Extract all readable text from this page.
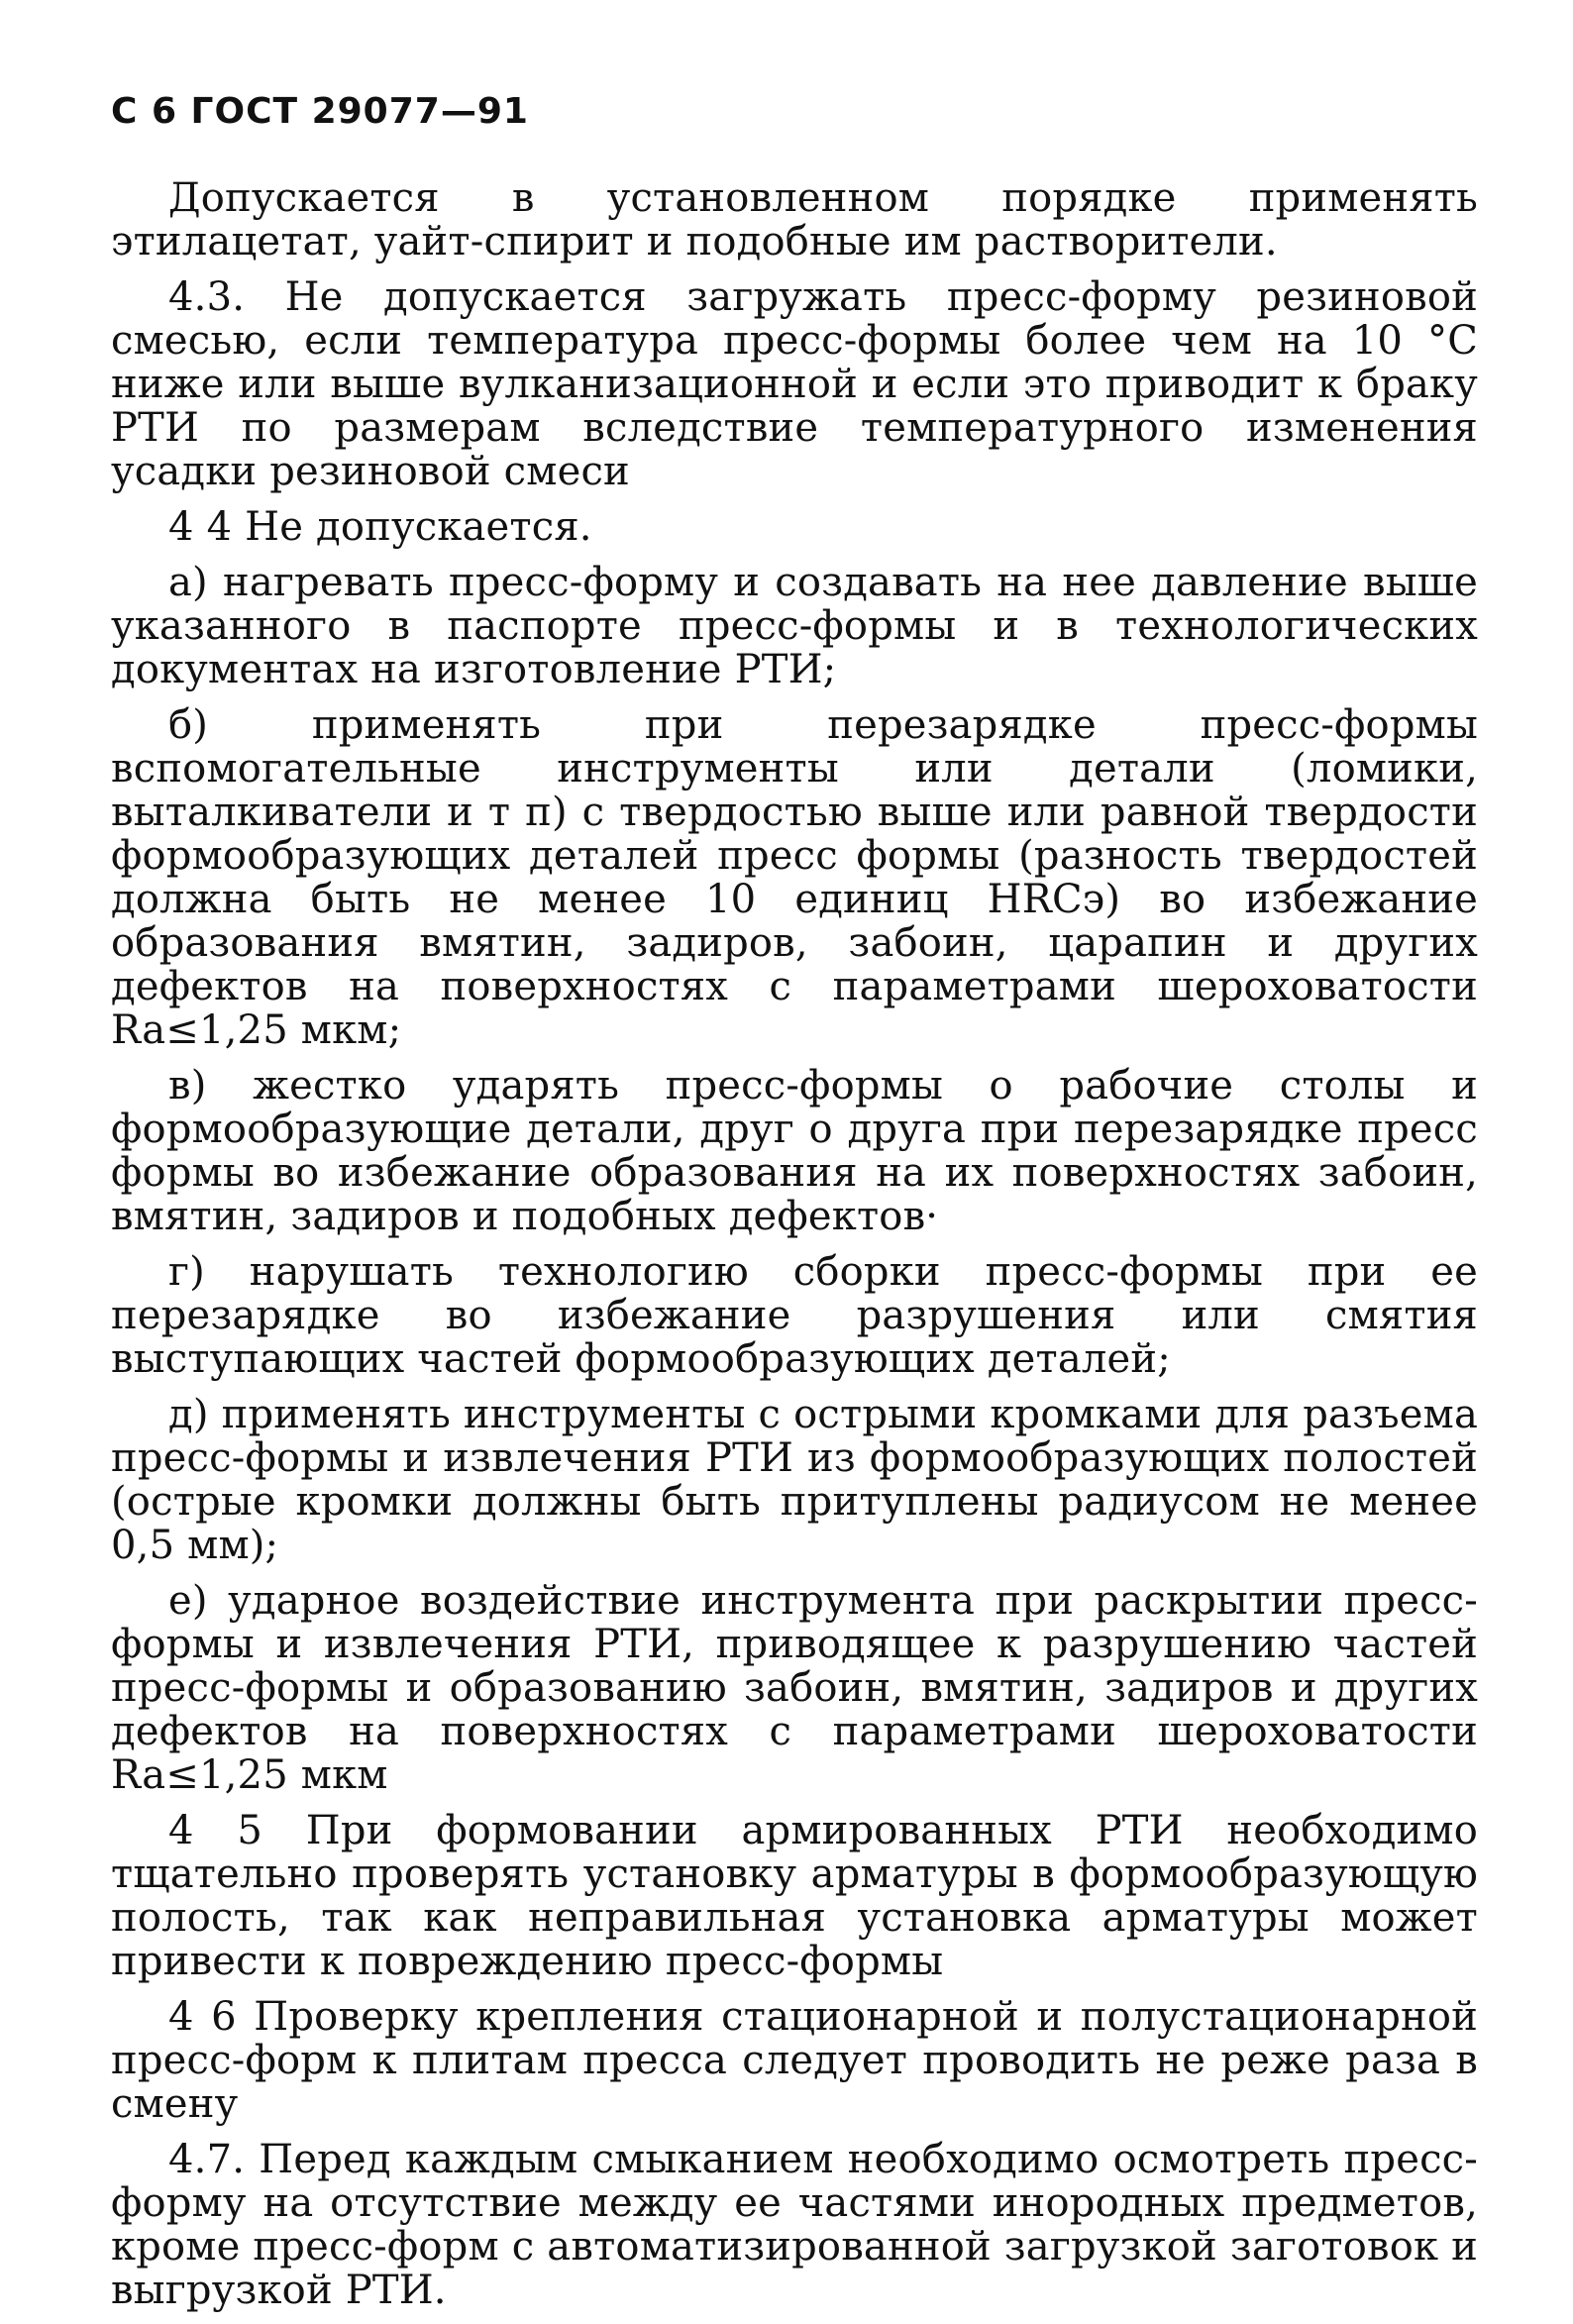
С 6 ГОСТ 29077—91

Допускается в установленном порядке применять этилацетат, уайт-спирит и подобные им растворители.

4.3. Не допускается загружать пресс-форму резиновой смесью, если температура пресс-формы более чем на 10 °С ниже или выше вулканизационной и если это приводит к браку РТИ по размерам вследствие температурного изменения усадки резиновой смеси

4 4 Не допускается.

а) нагревать пресс-форму и создавать на нее давление выше указанного в паспорте пресс-формы и в технологических документах на изготовление РТИ;

б) применять при перезарядке пресс-формы вспомогательные инструменты или детали (ломики, выталкиватели и т п) с твердостью выше или равной твердости формообразующих деталей пресс формы (разность твердостей должна быть не менее 10 единиц HRCэ) во избежание образования вмятин, задиров, забоин, царапин и других дефектов на поверхностях с параметрами шероховатости Ra≤1,25 мкм;

в) жестко ударять пресс-формы о рабочие столы и формообразующие детали, друг о друга при перезарядке пресс формы во избежание образования на их поверхностях забоин, вмятин, задиров и подобных дефектов·

г) нарушать технологию сборки пресс-формы при ее перезарядке во избежание разрушения или смятия выступающих частей формообразующих деталей;

д) применять инструменты с острыми кромками для разъема пресс-формы и извлечения РТИ из формообразующих полостей (острые кромки должны быть притуплены радиусом не менее 0,5 мм);

е) ударное воздействие инструмента при раскрытии пресс-формы и извлечения РТИ, приводящее к разрушению частей пресс-формы и образованию забоин, вмятин, задиров и других дефектов на поверхностях с параметрами шероховатости Ra≤1,25 мкм

4 5 При формовании армированных РТИ необходимо тщательно проверять установку арматуры в формообразующую полость, так как неправильная установка арматуры может привести к повреждению пресс-формы

4 6 Проверку крепления стационарной и полустационарной пресс-форм к плитам пресса следует проводить не реже раза в смену

4.7. Перед каждым смыканием необходимо осмотреть пресс-форму на отсутствие между ее частями инородных предметов, кроме пресс-форм с автоматизированной загрузкой заготовок и выгрузкой РТИ.
